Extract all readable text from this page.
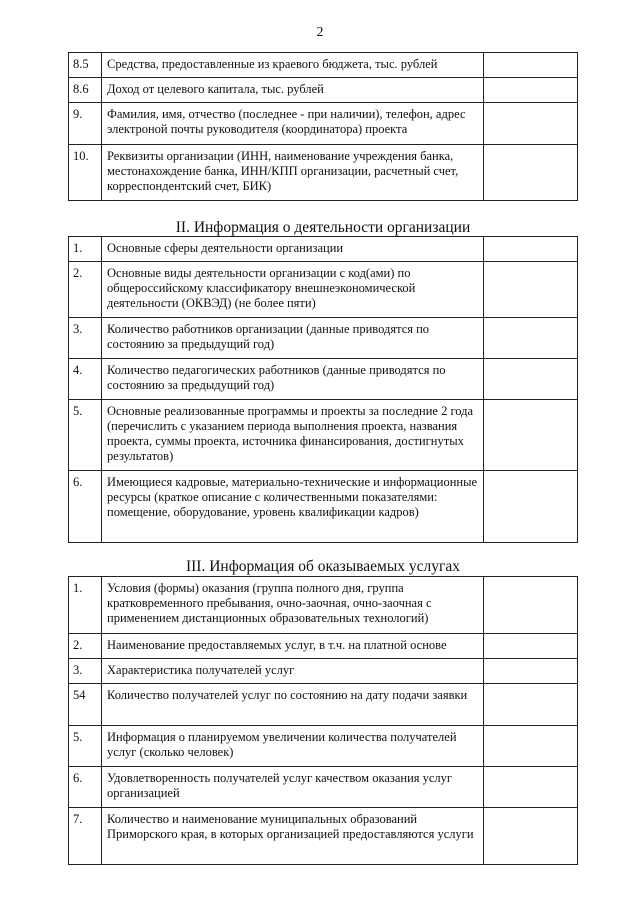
2
8.5	Средства, предоставленные из краевого бюджета, тыс. рублей	
8.6	Доход от целевого капитала, тыс. рублей	
9.	Фамилия, имя, отчество (последнее - при наличии), телефон, адрес электроной почты руководителя (координатора) проекта	
10.	Реквизиты организации (ИНН, наименование учреждения банка, местонахождение банка, ИНН/КПП организации, расчетный счет, корреспондентский счет, БИК)	
II. Информация о деятельности организации
1.	Основные сферы деятельности организации	
2.	Основные виды деятельности организации с код(ами) по общероссийскому классификатору внешнеэкономической деятельности (ОКВЭД) (не более пяти)	
3.	Количество работников организации (данные приводятся по состоянию за предыдущий год)	
4.	Количество педагогических работников (данные приводятся по состоянию за предыдущий год)	
5.	Основные реализованные программы и проекты за последние 2 года (перечислить с указанием периода выполнения проекта, названия проекта, суммы проекта, источника финансирования, достигнутых результатов)	
6.	Имеющиеся кадровые, материально-технические и информационные ресурсы (краткое описание с количественными показателями: помещение, оборудование, уровень квалификации кадров)	
III. Информация об оказываемых услугах
1.	Условия (формы) оказания (группа полного дня, группа кратковременного пребывания, очно-заочная, очно-заочная с применением дистанционных образовательных технологий)	
2.	Наименование предоставляемых услуг, в т.ч. на платной основе	
3.	Характеристика получателей услуг	
54	Количество получателей услуг по состоянию на дату подачи заявки	
5.	Информация о планируемом увеличении количества получателей услуг (сколько человек)	
6.	Удовлетворенность получателей услуг качеством оказания услуг организацией	
7.	Количество и наименование муниципальных образований Приморского края, в которых организацией предоставляются услуги	
